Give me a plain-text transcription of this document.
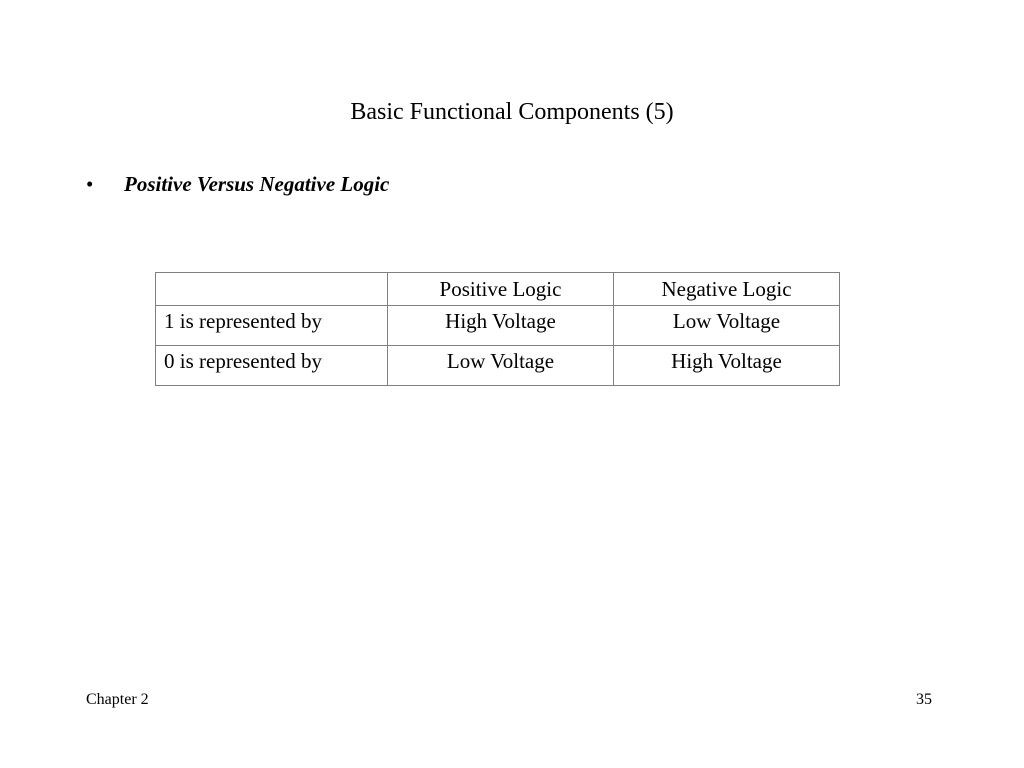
Basic Functional Components (5)
• Positive Versus Negative Logic
	Positive Logic	Negative Logic
1 is represented by	High Voltage	Low Voltage
0 is represented by	Low Voltage	High Voltage
Chapter 2	35
